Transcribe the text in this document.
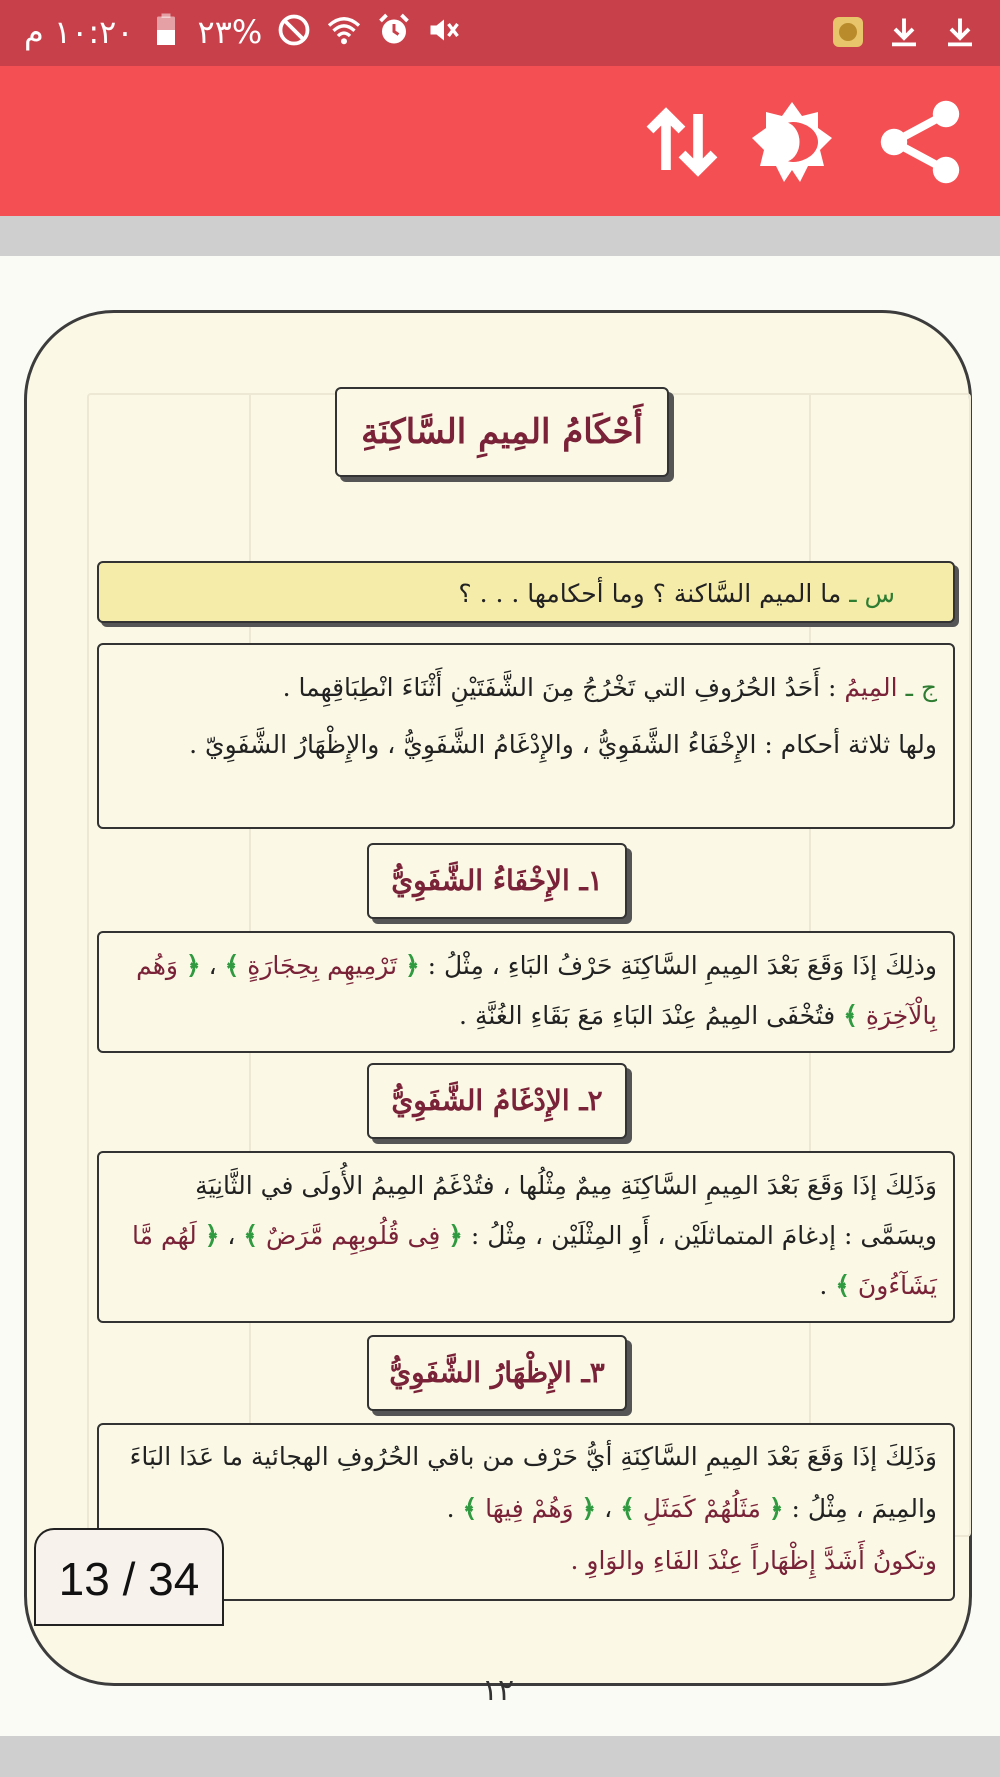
١٠:٢٠ م %٢٣
أَحْكَامُ المِيمِ السَّاكِنَةِ
س ـ ما الميم السَّاكنة ؟ وما أحكامها . . . ؟
ج ـ المِيمُ : أَحَدُ الحُرُوفِ التي تَخْرُجُ مِنَ الشَّفَتَيْنِ أَثْنَاءَ انْطِبَاقِهِما .
ولها ثلاثة أحكام : الإِخْفَاءُ الشَّفَوِيُّ ، والإِدْغَامُ الشَّفَوِيُّ ، والإِظْهَارُ الشَّفَوِيّ .
١ـ الإِخْفَاءُ الشَّفَوِيُّ
وذلِكَ إذَا وَقَعَ بَعْدَ المِيمِ السَّاكِنَةِ حَرْفُ البَاءِ ، مِثْلُ : ﴿ تَرْمِيهِم بِحِجَارَةٍ ﴾ ، ﴿ وَهُم بِالْآخِرَةِ ﴾ فتُخْفَى المِيمُ عِنْدَ البَاءِ مَعَ بَقَاءِ الغُنَّةِ .
٢ـ الإِدْغَامُ الشَّفَوِيُّ
وَذَلِكَ إذَا وَقَعَ بَعْدَ المِيمِ السَّاكِنَةِ مِيمٌ مِثْلُها ، فتُدْغَمُ المِيمُ الأُولَى في الثَّانِيَةِ ويسَمَّى : إدغامَ المتماثلَيْن ، أَوِ المِثْلَيْن ، مِثْلُ : ﴿ فِى قُلُوبِهِم مَّرَضٌ ﴾ ، ﴿ لَهُم مَّا يَشَآءُونَ ﴾ .
٣ـ الإِظْهَارُ الشَّفَوِيُّ
وَذَلِكَ إذَا وَقَعَ بَعْدَ المِيمِ السَّاكِنَةِ أيُّ حَرْف من باقي الحُرُوفِ الهجائية ما عَدَا البَاءَ والمِيمَ ، مِثْلُ : ﴿ مَثَلُهُمْ كَمَثَلِ ﴾ ، ﴿ وَهُمْ فِيهَا ﴾ .
وتكونُ أَشَدَّ إِظْهَاراً عِنْدَ الفَاءِ والوَاوِ .
١٢
13 / 34
